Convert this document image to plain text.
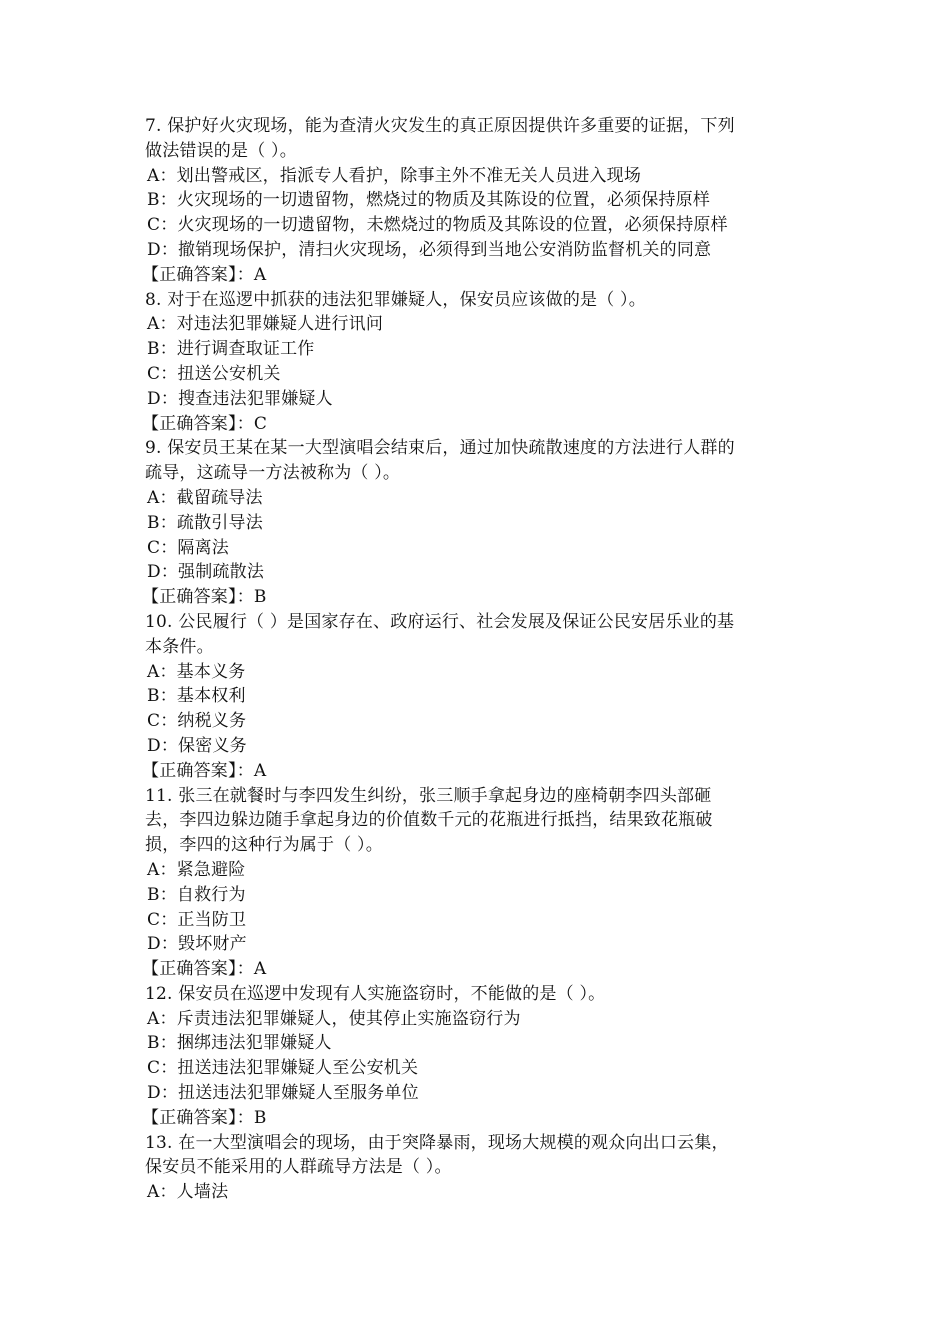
7. 保护好火灾现场，能为查清火灾发生的真正原因提供许多重要的证据，下列
做法错误的是（ ）。
A：划出警戒区，指派专人看护，除事主外不准无关人员进入现场
B：火灾现场的一切遗留物，燃烧过的物质及其陈设的位置，必须保持原样
C：火灾现场的一切遗留物，未燃烧过的物质及其陈设的位置，必须保持原样
D：撤销现场保护，清扫火灾现场，必须得到当地公安消防监督机关的同意
【正确答案】：A
8. 对于在巡逻中抓获的违法犯罪嫌疑人，保安员应该做的是（ ）。
A：对违法犯罪嫌疑人进行讯问
B：进行调查取证工作
C：扭送公安机关
D：搜查违法犯罪嫌疑人
【正确答案】：C
9. 保安员王某在某一大型演唱会结束后，通过加快疏散速度的方法进行人群的
疏导，这疏导一方法被称为（ ）。
A：截留疏导法
B：疏散引导法
C：隔离法
D：强制疏散法
【正确答案】：B
10. 公民履行（ ）是国家存在、政府运行、社会发展及保证公民安居乐业的基
本条件。
A：基本义务
B：基本权利
C：纳税义务
D：保密义务
【正确答案】：A
11. 张三在就餐时与李四发生纠纷，张三顺手拿起身边的座椅朝李四头部砸
去，李四边躲边随手拿起身边的价值数千元的花瓶进行抵挡，结果致花瓶破
损，李四的这种行为属于（ ）。
A：紧急避险
B：自救行为
C：正当防卫
D：毁坏财产
【正确答案】：A
12. 保安员在巡逻中发现有人实施盗窃时，不能做的是（ ）。
A：斥责违法犯罪嫌疑人，使其停止实施盗窃行为
B：捆绑违法犯罪嫌疑人
C：扭送违法犯罪嫌疑人至公安机关
D：扭送违法犯罪嫌疑人至服务单位
【正确答案】：B
13. 在一大型演唱会的现场，由于突降暴雨，现场大规模的观众向出口云集，
保安员不能采用的人群疏导方法是（ ）。
A：人墙法
